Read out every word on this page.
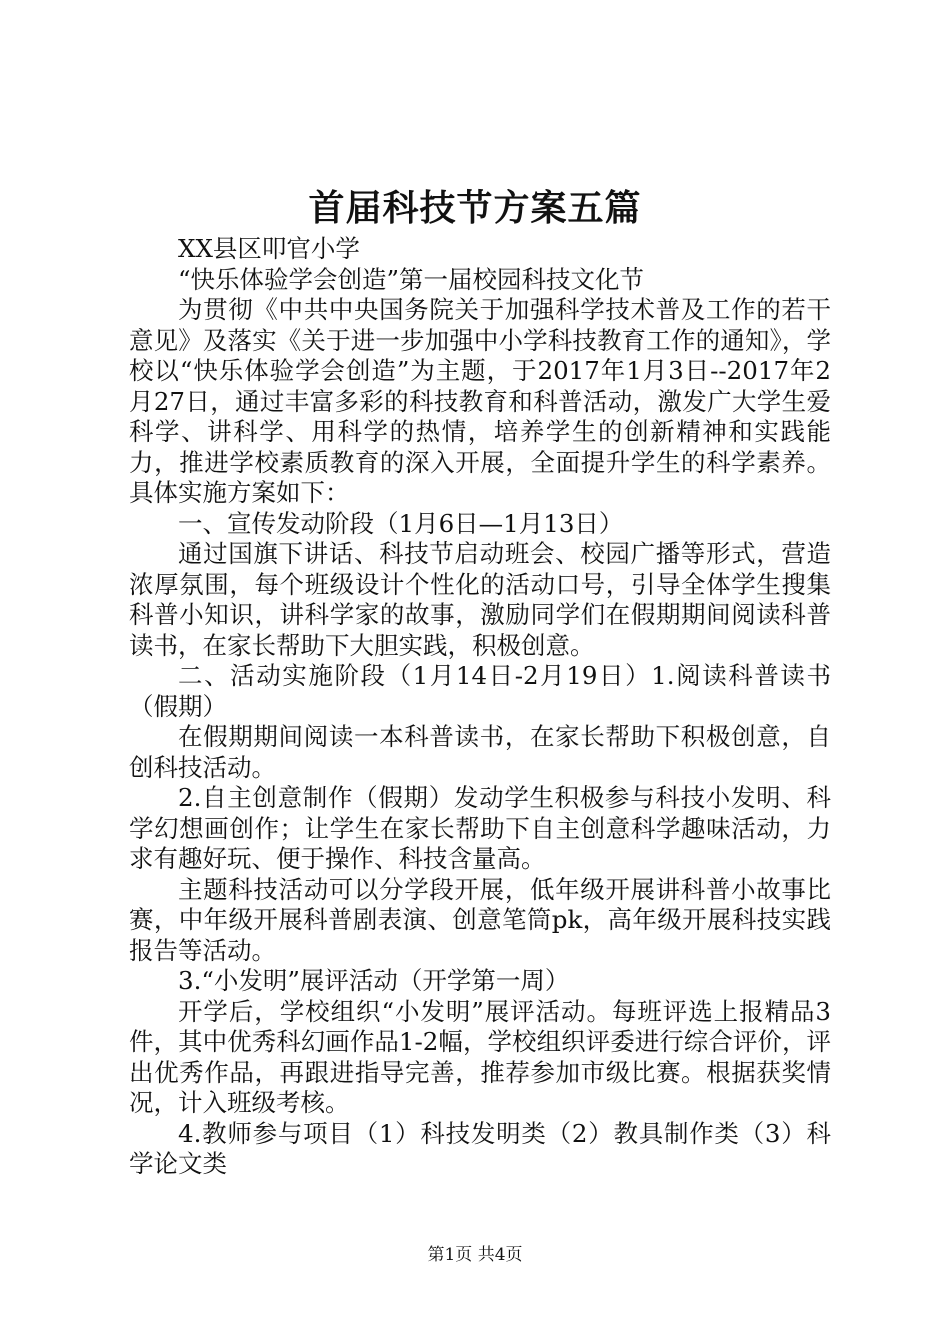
首届科技节方案五篇

XX县区叩官小学

“快乐体验学会创造”第一届校园科技文化节

为贯彻《中共中央国务院关于加强科学技术普及工作的若干意见》及落实《关于进一步加强中小学科技教育工作的通知》，学校以“快乐体验学会创造”为主题，于2017年1月3日--2017年2月27日，通过丰富多彩的科技教育和科普活动，激发广大学生爱科学、讲科学、用科学的热情，培养学生的创新精神和实践能力，推进学校素质教育的深入开展，全面提升学生的科学素养。具体实施方案如下：

一、宣传发动阶段（1月6日—1月13日）

通过国旗下讲话、科技节启动班会、校园广播等形式，营造浓厚氛围，每个班级设计个性化的活动口号，引导全体学生搜集科普小知识，讲科学家的故事，激励同学们在假期期间阅读科普读书，在家长帮助下大胆实践，积极创意。

二、活动实施阶段（1月14日-2月19日）1.阅读科普读书（假期）

在假期期间阅读一本科普读书，在家长帮助下积极创意，自创科技活动。

2.自主创意制作（假期）发动学生积极参与科技小发明、科学幻想画创作；让学生在家长帮助下自主创意科学趣味活动，力求有趣好玩、便于操作、科技含量高。

主题科技活动可以分学段开展，低年级开展讲科普小故事比赛，中年级开展科普剧表演、创意笔筒pk，高年级开展科技实践报告等活动。

3.“小发明”展评活动（开学第一周）

开学后，学校组织“小发明”展评活动。每班评选上报精品3件，其中优秀科幻画作品1-2幅，学校组织评委进行综合评价，评出优秀作品，再跟进指导完善，推荐参加市级比赛。根据获奖情况，计入班级考核。

4.教师参与项目（1）科技发明类（2）教具制作类（3）科学论文类

第1页 共4页
